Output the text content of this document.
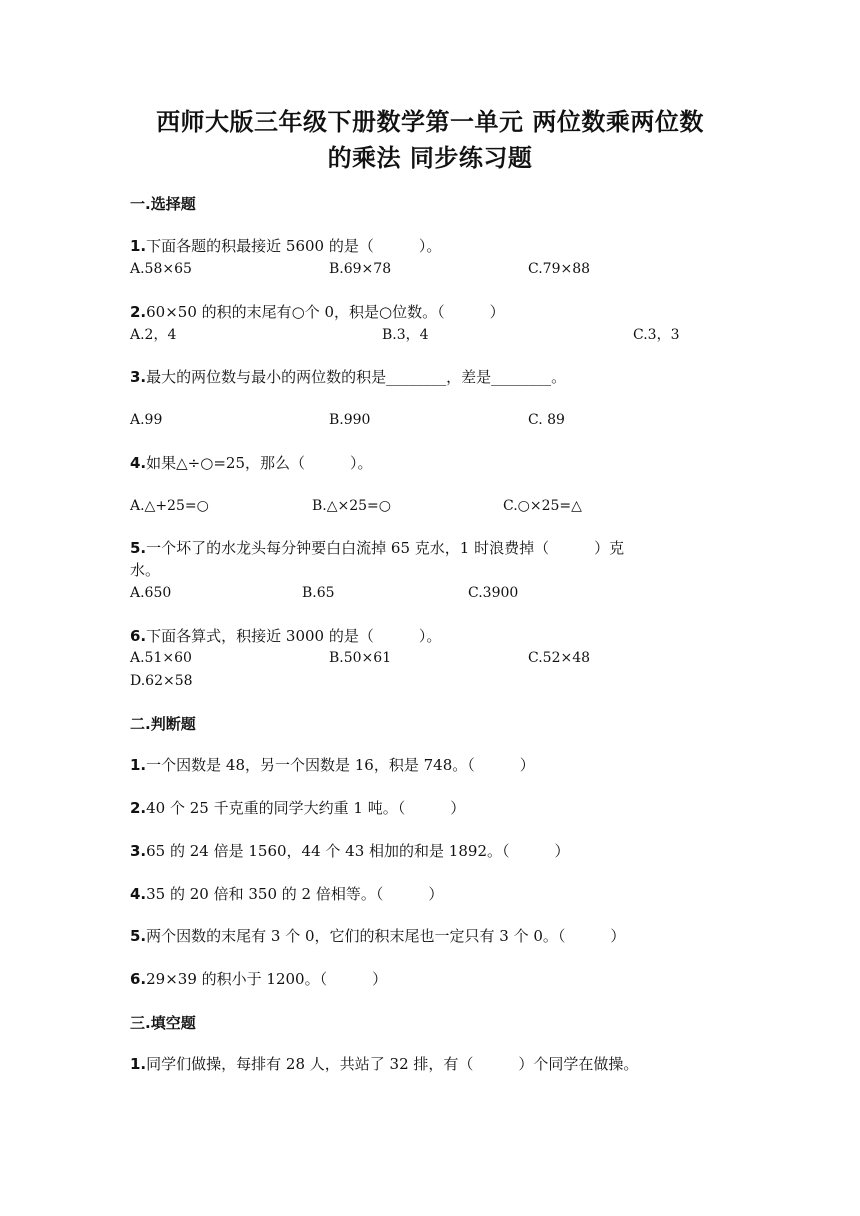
西师大版三年级下册数学第一单元 两位数乘两位数
的乘法 同步练习题
一.选择题
1.下面各题的积最接近 5600 的是（　　　）。
A.58×65	B.69×78	C.79×88
2.60×50 的积的末尾有○个 0，积是○位数。（　　　）
A.2，4	B.3，4	C.3，3
3.最大的两位数与最小的两位数的积是________，差是________。
A.99	B.990	C. 89
4.如果△÷○=25，那么（　　　）。
A.△+25=○	B.△×25=○	C.○×25=△
5.一个坏了的水龙头每分钟要白白流掉 65 克水，1 时浪费掉（　　　）克
水。
A.650	B.65	C.3900
6.下面各算式，积接近 3000 的是（　　　）。
A.51×60	B.50×61	C.52×48
D.62×58
二.判断题
1.一个因数是 48，另一个因数是 16，积是 748。（　　　）
2.40 个 25 千克重的同学大约重 1 吨。（　　　）
3.65 的 24 倍是 1560，44 个 43 相加的和是 1892。（　　　）
4.35 的 20 倍和 350 的 2 倍相等。（　　　）
5.两个因数的末尾有 3 个 0，它们的积末尾也一定只有 3 个 0。（　　　）
6.29×39 的积小于 1200。（　　　）
三.填空题
1.同学们做操，每排有 28 人，共站了 32 排，有（　　　）个同学在做操。
